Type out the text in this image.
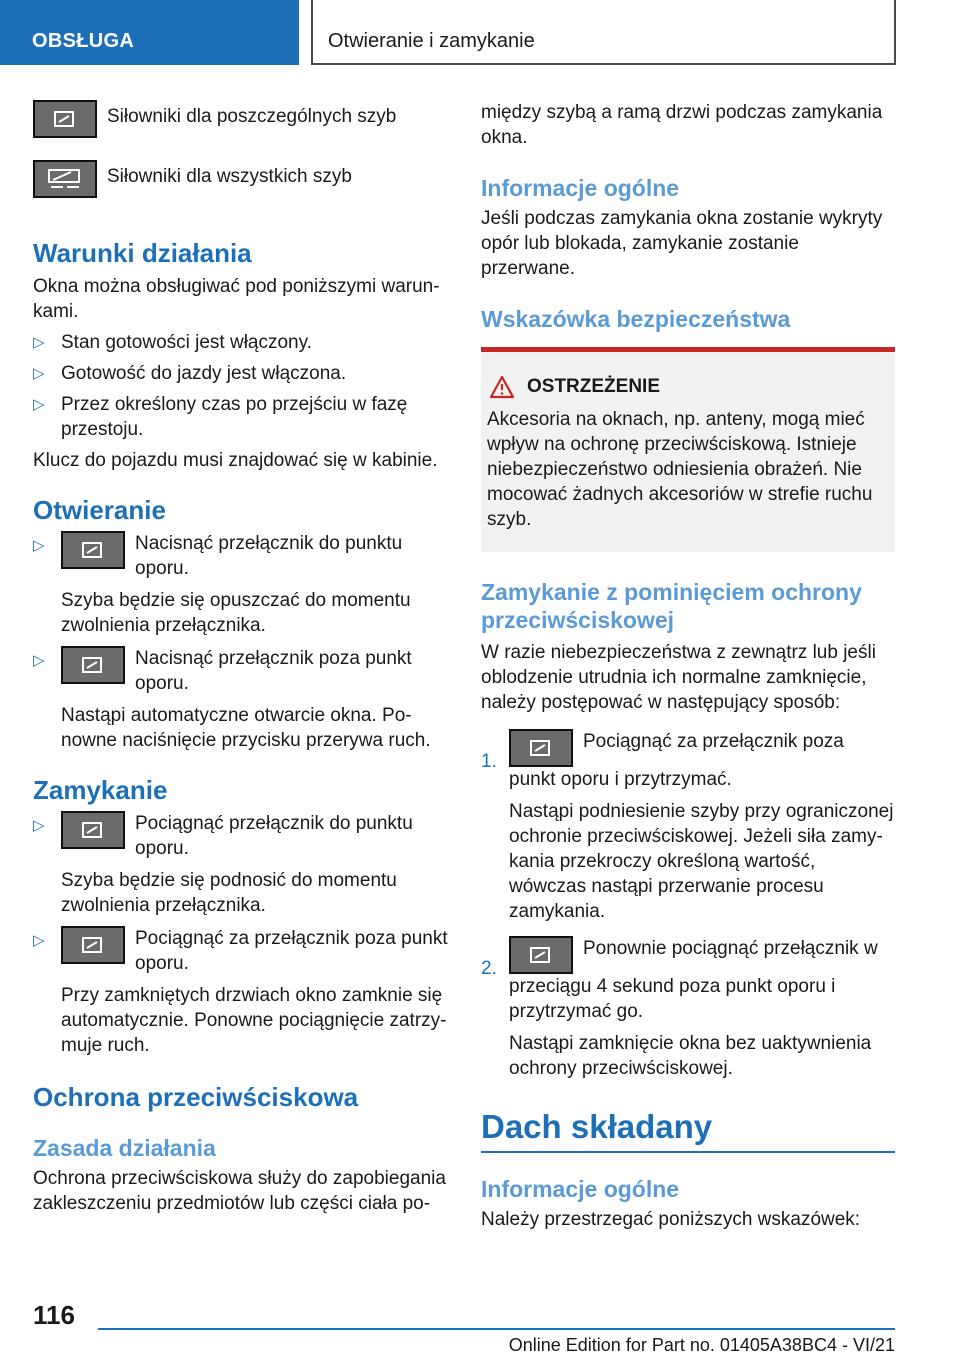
OBSŁUGA	Otwieranie i zamykanie
Siłowniki dla poszczególnych szyb
Siłowniki dla wszystkich szyb

Warunki działania

Okna można obsługiwać pod poniższymi warun-kami.

▷ Stan gotowości jest włączony.
▷ Gotowość do jazdy jest włączona.
▷ Przez określony czas po przejściu w fazę przestoju.

Klucz do pojazdu musi znajdować się w kabinie.

Otwieranie

▷	Nacisnąć przełącznik do punktu oporu.

Szyba będzie się opuszczać do momentu zwolnienia przełącznika.

▷	Nacisnąć przełącznik poza punkt oporu.

Nastąpi automatyczne otwarcie okna. Po-nowne naciśnięcie przycisku przerywa ruch.

Zamykanie

▷	Pociągnąć przełącznik do punktu oporu.

Szyba będzie się podnosić do momentu zwolnienia przełącznika.

▷	Pociągnąć za przełącznik poza punkt oporu.

Przy zamkniętych drzwiach okno zamknie się automatycznie. Ponowne pociągnięcie zatrzy-muje ruch.

Ochrona przeciwściskowa

Zasada działania

Ochrona przeciwściskowa służy do zapobiegania zakleszczeniu przedmiotów lub części ciała po-

między szybą a ramą drzwi podczas zamykania okna.

Informacje ogólne

Jeśli podczas zamykania okna zostanie wykryty opór lub blokada, zamykanie zostanie przerwane.

Wskazówka bezpieczeństwa

OSTRZEŻENIE

Akcesoria na oknach, np. anteny, mogą mieć wpływ na ochronę przeciwściskową. Istnieje niebezpieczeństwo odniesienia obrażeń. Nie mocować żadnych akcesoriów w strefie ruchu szyb.

Zamykanie z pominięciem ochrony przeciwściskowej

W razie niebezpieczeństwa z zewnątrz lub jeśli oblodzenie utrudnia ich normalne zamknięcie, należy postępować w następujący sposób:

1.
Pociągnąć za przełącznik poza punkt oporu i przytrzymać.

Nastąpi podniesienie szyby przy ograniczonej ochronie przeciwściskowej. Jeżeli siła zamy-kania przekroczy określoną wartość, wówczas nastąpi przerwanie procesu zamykania.

2.
Ponownie pociągnąć przełącznik w przeciągu 4 sekund poza punkt oporu i przytrzymać go.

Nastąpi zamknięcie okna bez uaktywnienia ochrony przeciwściskowej.

Dach składany

Informacje ogólne

Należy przestrzegać poniższych wskazówek:

116
Online Edition for Part no. 01405A38BC4 - VI/21
